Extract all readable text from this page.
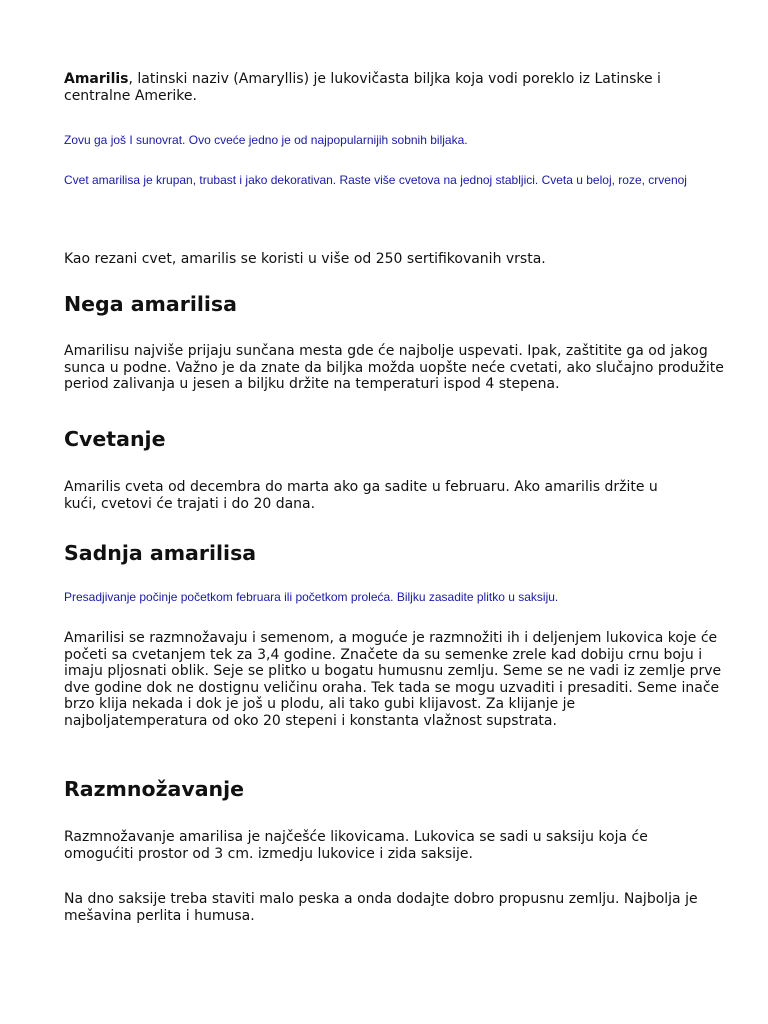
Amarilis, latinski naziv (Amaryllis) je lukovičasta biljka koja vodi poreklo iz Latinske i centralne Amerike.
Zovu ga još I sunovrat. Ovo cveće jedno je od najpopularnijih sobnih biljaka.
Cvet amarilisa je krupan, trubast i jako dekorativan. Raste više cvetova na jednoj stabljici. Cveta u beloj, roze, crvenoj
Kao rezani cvet, amarilis se koristi u više od 250 sertifikovanih vrsta.
Nega amarilisa
Amarilisu najviše prijaju sunčana mesta gde će najbolje uspevati. Ipak, zaštitite ga od jakog sunca u podne. Važno je da znate da biljka možda uopšte neće cvetati, ako slučajno produžite period zalivanja u jesen a biljku držite na temperaturi ispod 4 stepena.
Cvetanje
Amarilis cveta od decembra do marta ako ga sadite u februaru. Ako amarilis držite u kući, cvetovi će trajati i do 20 dana.
Sadnja amarilisa
Presadjivanje počinje početkom februara ili početkom proleća. Biljku zasadite plitko u saksiju.
Amarilisi se razmnožavaju i semenom, a moguće je razmnožiti ih i deljenjem lukovica koje će početi sa cvetanjem tek za 3,4 godine. Značete da su semenke zrele kad dobiju crnu boju i imaju pljosnati oblik. Seje se plitko u bogatu humusnu zemlju. Seme se ne vadi iz zemlje prve dve godine dok ne dostignu veličinu oraha. Tek tada se mogu uzvaditi i presaditi. Seme inače brzo klija nekada i dok je još u plodu, ali tako gubi klijavost. Za klijanje je najboljatemperatura od oko 20 stepeni i konstanta vlažnost supstrata.
Razmnožavanje
Razmnožavanje amarilisa je najčešće likovicama. Lukovica se sadi u saksiju koja će omogućiti prostor od 3 cm. izmedju lukovice i zida saksije.
Na dno saksije treba staviti malo peska a onda dodajte dobro propusnu zemlju. Najbolja je mešavina perlita i humusa.
